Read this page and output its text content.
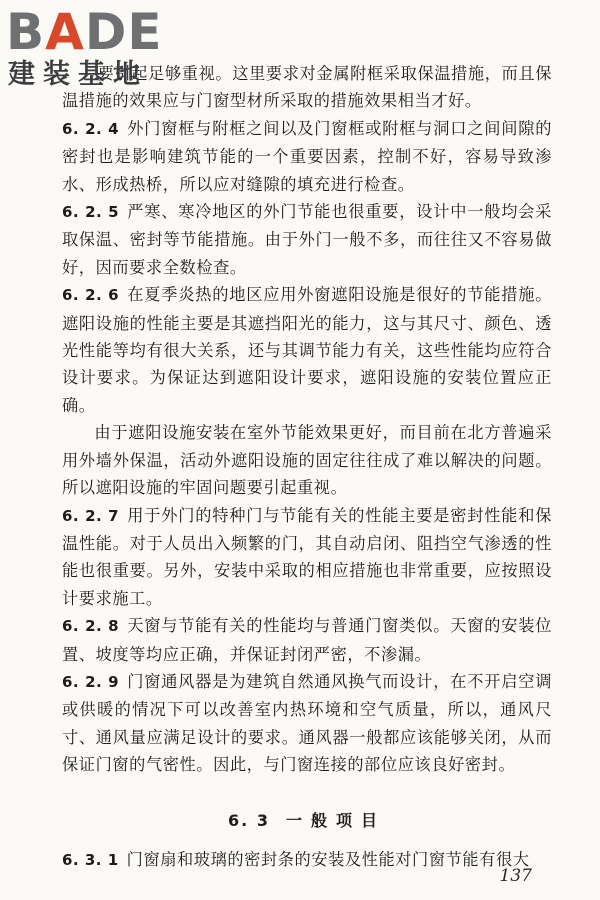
BADE
建装基地

要引起足够重视。这里要求对金属附框采取保温措施，而且保温措施的效果应与门窗型材所采取的措施效果相当才好。

6. 2. 4 外门窗框与附框之间以及门窗框或附框与洞口之间间隙的密封也是影响建筑节能的一个重要因素，控制不好，容易导致渗水、形成热桥，所以应对缝隙的填充进行检查。

6. 2. 5 严寒、寒冷地区的外门节能也很重要，设计中一般均会采取保温、密封等节能措施。由于外门一般不多，而往往又不容易做好，因而要求全数检查。

6. 2. 6 在夏季炎热的地区应用外窗遮阳设施是很好的节能措施。遮阳设施的性能主要是其遮挡阳光的能力，这与其尺寸、颜色、透光性能等均有很大关系，还与其调节能力有关，这些性能均应符合设计要求。为保证达到遮阳设计要求，遮阳设施的安装位置应正确。

由于遮阳设施安装在室外节能效果更好，而目前在北方普遍采用外墙外保温，活动外遮阳设施的固定往往成了难以解决的问题。所以遮阳设施的牢固问题要引起重视。

6. 2. 7 用于外门的特种门与节能有关的性能主要是密封性能和保温性能。对于人员出入频繁的门，其自动启闭、阻挡空气渗透的性能也很重要。另外，安装中采取的相应措施也非常重要，应按照设计要求施工。

6. 2. 8 天窗与节能有关的性能均与普通门窗类似。天窗的安装位置、坡度等均应正确，并保证封闭严密，不渗漏。

6. 2. 9 门窗通风器是为建筑自然通风换气而设计，在不开启空调或供暖的情况下可以改善室内热环境和空气质量，所以，通风尺寸、通风量应满足设计的要求。通风器一般都应该能够关闭，从而保证门窗的气密性。因此，与门窗连接的部位应该良好密封。

6. 3 一般项目

6. 3. 1 门窗扇和玻璃的密封条的安装及性能对门窗节能有很大

137
